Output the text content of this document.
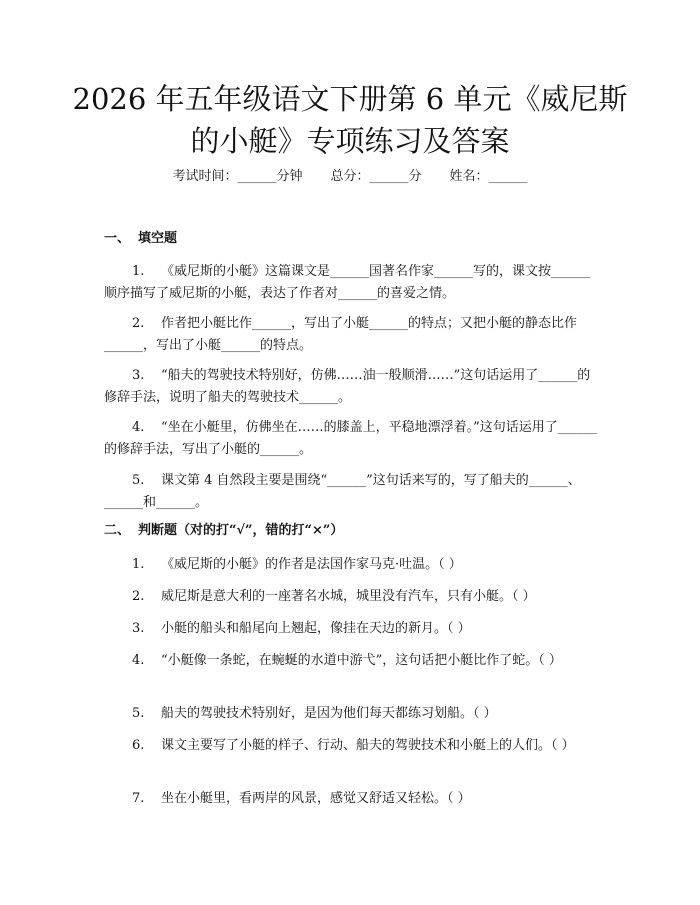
2026 年五年级语文下册第 6 单元《威尼斯的小艇》专项练习及答案
考试时间：______分钟 总分：______分 姓名：______
一、 填空题

1. 《威尼斯的小艇》这篇课文是______国著名作家______写的，课文按______顺序描写了威尼斯的小艇，表达了作者对______的喜爱之情。

2. 作者把小艇比作______，写出了小艇______的特点；又把小艇的静态比作______，写出了小艇______的特点。

3. “船夫的驾驶技术特别好，仿佛……油一般顺滑……”这句话运用了______的修辞手法，说明了船夫的驾驶技术______。

4. “坐在小艇里，仿佛坐在……的膝盖上，平稳地漂浮着。”这句话运用了______的修辞手法，写出了小艇的______。

5. 课文第 4 自然段主要是围绕“______”这句话来写的，写了船夫的______、______和______。

二、 判断题（对的打“√”，错的打“×”）

1. 《威尼斯的小艇》的作者是法国作家马克·吐温。（ ）

2. 威尼斯是意大利的一座著名水城，城里没有汽车，只有小艇。（ ）

3. 小艇的船头和船尾向上翘起，像挂在天边的新月。（ ）

4. “小艇像一条蛇，在蜿蜒的水道中游弋”，这句话把小艇比作了蛇。（ ）

5. 船夫的驾驶技术特别好，是因为他们每天都练习划船。（ ）

6. 课文主要写了小艇的样子、行动、船夫的驾驶技术和小艇上的人们。（ ）

7. 坐在小艇里，看两岸的风景，感觉又舒适又轻松。（ ）
